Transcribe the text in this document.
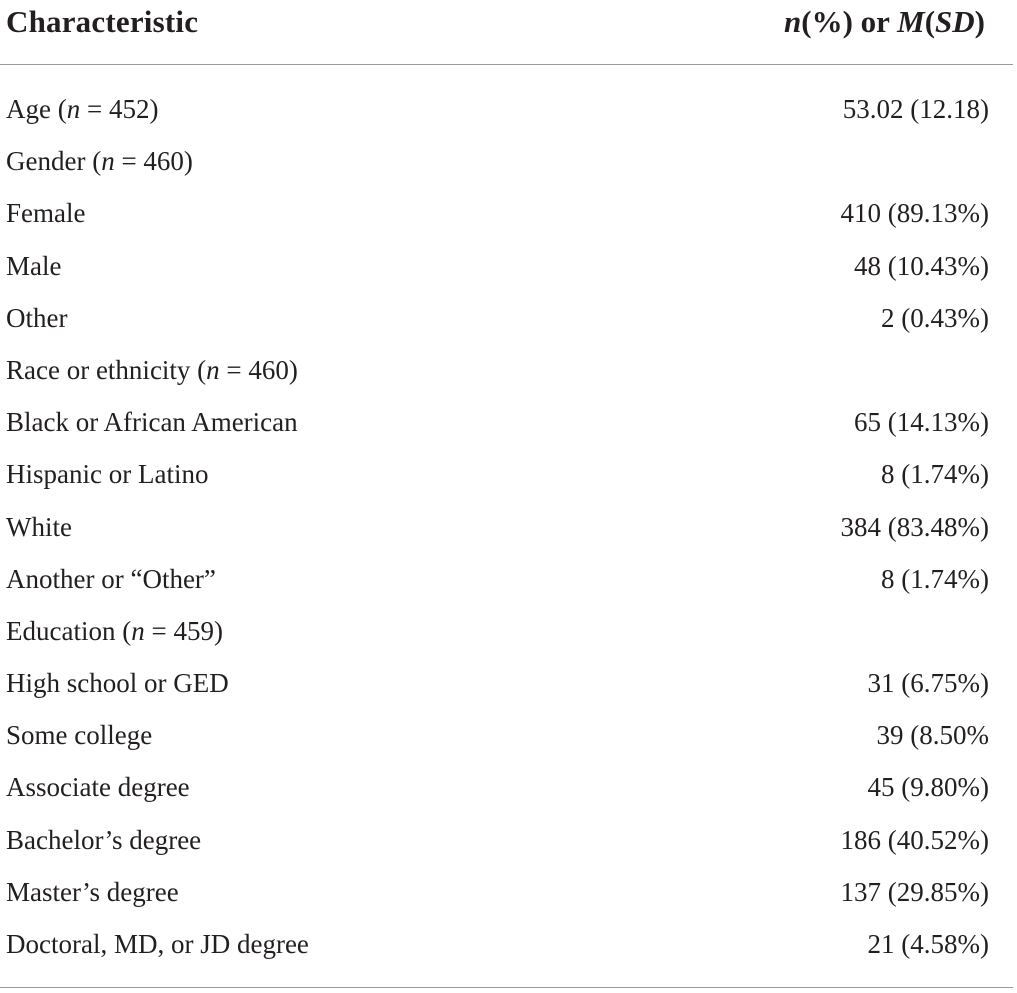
Characteristic	n(%) or M(SD)
Age (n = 452)	53.02 (12.18)
Gender (n = 460)
Female	410 (89.13%)
Male	48 (10.43%)
Other	2 (0.43%)
Race or ethnicity (n = 460)
Black or African American	65 (14.13%)
Hispanic or Latino	8 (1.74%)
White	384 (83.48%)
Another or “Other”	8 (1.74%)
Education (n = 459)
High school or GED	31 (6.75%)
Some college	39 (8.50%
Associate degree	45 (9.80%)
Bachelor’s degree	186 (40.52%)
Master’s degree	137 (29.85%)
Doctoral, MD, or JD degree	21 (4.58%)
